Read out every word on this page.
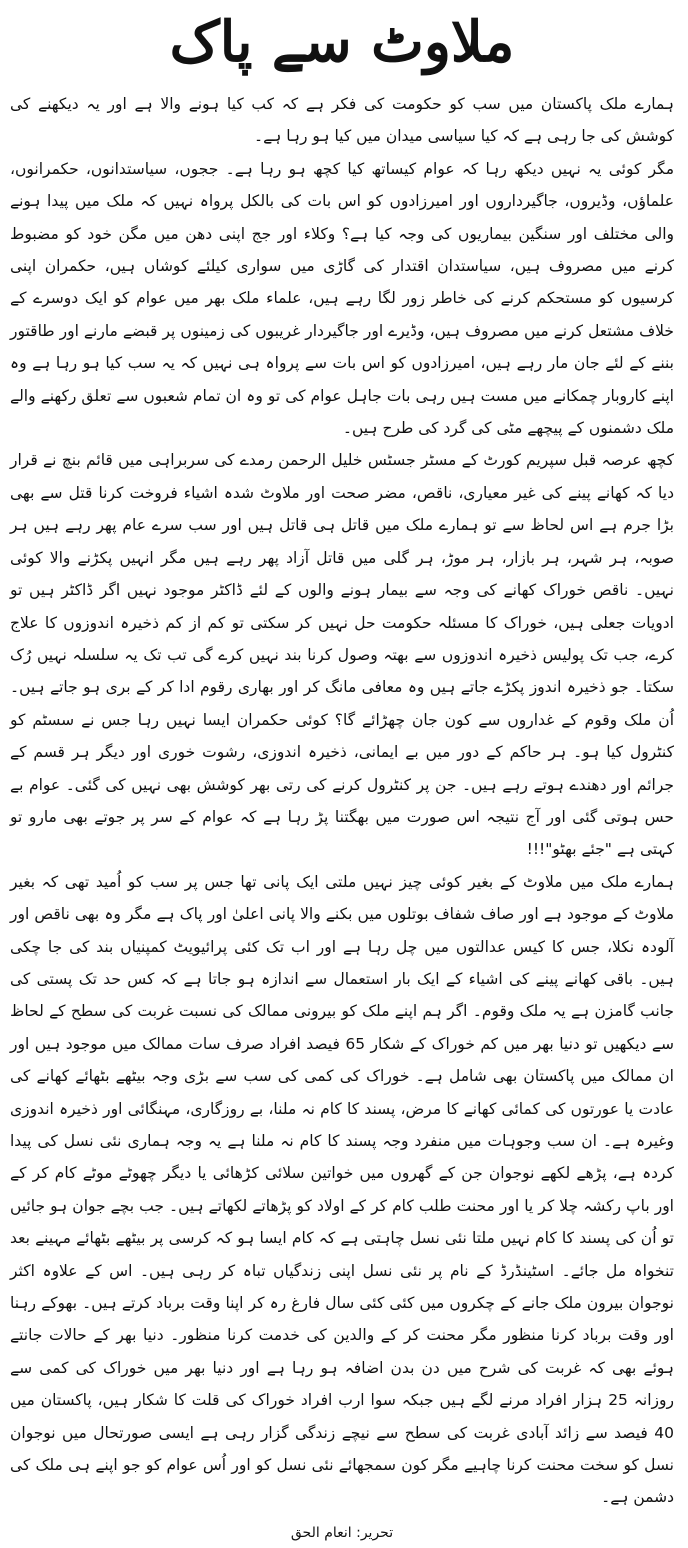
ملاوٹ سے پاک

ہمارے ملک پاکستان میں سب کو حکومت کی فکر ہے کہ کب کیا ہونے والا ہے اور یہ دیکھنے کی کوشش کی جا رہی ہے کہ کیا سیاسی میدان میں کیا ہو رہا ہے۔

مگر کوئی یہ نہیں دیکھ رہا کہ عوام کیساتھ کیا کچھ ہو رہا ہے۔ ججوں، سیاستدانوں، حکمرانوں، علماؤں، وڈیروں، جاگیرداروں اور امیرزادوں کو اس بات کی بالکل پرواہ نہیں کہ ملک میں پیدا ہونے والی مختلف اور سنگین بیماریوں کی وجہ کیا ہے؟ وکلاء اور جج اپنی دھن میں مگن خود کو مضبوط کرنے میں مصروف ہیں، سیاستدان اقتدار کی گاڑی میں سواری کیلئے کوشاں ہیں، حکمران اپنی کرسیوں کو مستحکم کرنے کی خاطر زور لگا رہے ہیں، علماء ملک بھر میں عوام کو ایک دوسرے کے خلاف مشتعل کرنے میں مصروف ہیں، وڈیرے اور جاگیردار غریبوں کی زمینوں پر قبضے مارنے اور طاقتور بننے کے لئے جان مار رہے ہیں، امیرزادوں کو اس بات سے پرواہ ہی نہیں کہ یہ سب کیا ہو رہا ہے وہ اپنے کاروبار چمکانے میں مست ہیں رہی بات جاہل عوام کی تو وہ ان تمام شعبوں سے تعلق رکھنے والے ملک دشمنوں کے پیچھے مٹی کی گرد کی طرح ہیں۔

کچھ عرصہ قبل سپریم کورٹ کے مسٹر جسٹس خلیل الرحمن رمدے کی سربراہی میں قائم بنچ نے قرار دیا کہ کھانے پینے کی غیر معیاری، ناقص، مضر صحت اور ملاوٹ شدہ اشیاء فروخت کرنا قتل سے بھی بڑا جرم ہے اس لحاظ سے تو ہمارے ملک میں قاتل ہی قاتل ہیں اور سب سرے عام پھر رہے ہیں ہر صوبہ، ہر شہر، ہر بازار، ہر موڑ، ہر گلی میں قاتل آزاد پھر رہے ہیں مگر انہیں پکڑنے والا کوئی نہیں۔ ناقص خوراک کھانے کی وجہ سے بیمار ہونے والوں کے لئے ڈاکٹر موجود نہیں اگر ڈاکٹر ہیں تو ادویات جعلی ہیں، خوراک کا مسئلہ حکومت حل نہیں کر سکتی تو کم از کم ذخیرہ اندوزوں کا علاج کرے، جب تک پولیس ذخیرہ اندوزوں سے بھتہ وصول کرنا بند نہیں کرے گی تب تک یہ سلسلہ نہیں رُک سکتا۔ جو ذخیرہ اندوز پکڑے جاتے ہیں وہ معافی مانگ کر اور بھاری رقوم ادا کر کے بری ہو جاتے ہیں۔ اُن ملک وقوم کے غداروں سے کون جان چھڑائے گا؟ کوئی حکمران ایسا نہیں رہا جس نے سسٹم کو کنٹرول کیا ہو۔ ہر حاکم کے دور میں بے ایمانی، ذخیرہ اندوزی، رشوت خوری اور دیگر ہر قسم کے جرائم اور دھندے ہوتے رہے ہیں۔ جن پر کنٹرول کرنے کی رتی بھر کوشش بھی نہیں کی گئی۔ عوام بے حس ہوتی گئی اور آج نتیجہ اس صورت میں بھگتنا پڑ رہا ہے کہ عوام کے سر پر جوتے بھی مارو تو کہتی ہے "جئے بھٹو"!!!

ہمارے ملک میں ملاوٹ کے بغیر کوئی چیز نہیں ملتی ایک پانی تھا جس پر سب کو اُمید تھی کہ بغیر ملاوٹ کے موجود ہے اور صاف شفاف بوتلوں میں بکنے والا پانی اعلیٰ اور پاک ہے مگر وہ بھی ناقص اور آلودہ نکلا، جس کا کیس عدالتوں میں چل رہا ہے اور اب تک کئی پرائیویٹ کمپنیاں بند کی جا چکی ہیں۔ باقی کھانے پینے کی اشیاء کے ایک بار استعمال سے اندازہ ہو جاتا ہے کہ کس حد تک پستی کی جانب گامزن ہے یہ ملک وقوم۔ اگر ہم اپنے ملک کو بیرونی ممالک کی نسبت غربت کی سطح کے لحاظ سے دیکھیں تو دنیا بھر میں کم خوراک کے شکار 65 فیصد افراد صرف سات ممالک میں موجود ہیں اور ان ممالک میں پاکستان بھی شامل ہے۔ خوراک کی کمی کی سب سے بڑی وجہ بیٹھے بٹھائے کھانے کی عادت یا عورتوں کی کمائی کھانے کا مرض، پسند کا کام نہ ملنا، بے روزگاری، مہنگائی اور ذخیرہ اندوزی وغیرہ ہے۔ ان سب وجوہات میں منفرد وجہ پسند کا کام نہ ملنا ہے یہ وجہ ہماری نئی نسل کی پیدا کردہ ہے، پڑھے لکھے نوجوان جن کے گھروں میں خواتین سلائی کڑھائی یا دیگر چھوٹے موٹے کام کر کے اور باپ رکشہ چلا کر یا اور محنت طلب کام کر کے اولاد کو پڑھاتے لکھاتے ہیں۔ جب بچے جوان ہو جائیں تو اُن کی پسند کا کام نہیں ملتا نئی نسل چاہتی ہے کہ کام ایسا ہو کہ کرسی پر بیٹھے بٹھائے مہینے بعد تنخواہ مل جائے۔ اسٹینڈرڈ کے نام پر نئی نسل اپنی زندگیاں تباہ کر رہی ہیں۔ اس کے علاوہ اکثر نوجوان بیرون ملک جانے کے چکروں میں کئی کئی سال فارغ رہ کر اپنا وقت برباد کرتے ہیں۔ بھوکے رہنا اور وقت برباد کرنا منظور مگر محنت کر کے والدین کی خدمت کرنا منظور۔ دنیا بھر کے حالات جانتے ہوئے بھی کہ غربت کی شرح میں دن بدن اضافہ ہو رہا ہے اور دنیا بھر میں خوراک کی کمی سے روزانہ 25 ہزار افراد مرنے لگے ہیں جبکہ سوا ارب افراد خوراک کی قلت کا شکار ہیں، پاکستان میں 40 فیصد سے زائد آبادی غربت کی سطح سے نیچے زندگی گزار رہی ہے ایسی صورتحال میں نوجوان نسل کو سخت محنت کرنا چاہیے مگر کون سمجھائے نئی نسل کو اور اُس عوام کو جو اپنے ہی ملک کی دشمن ہے۔

تحریر: انعام الحق
